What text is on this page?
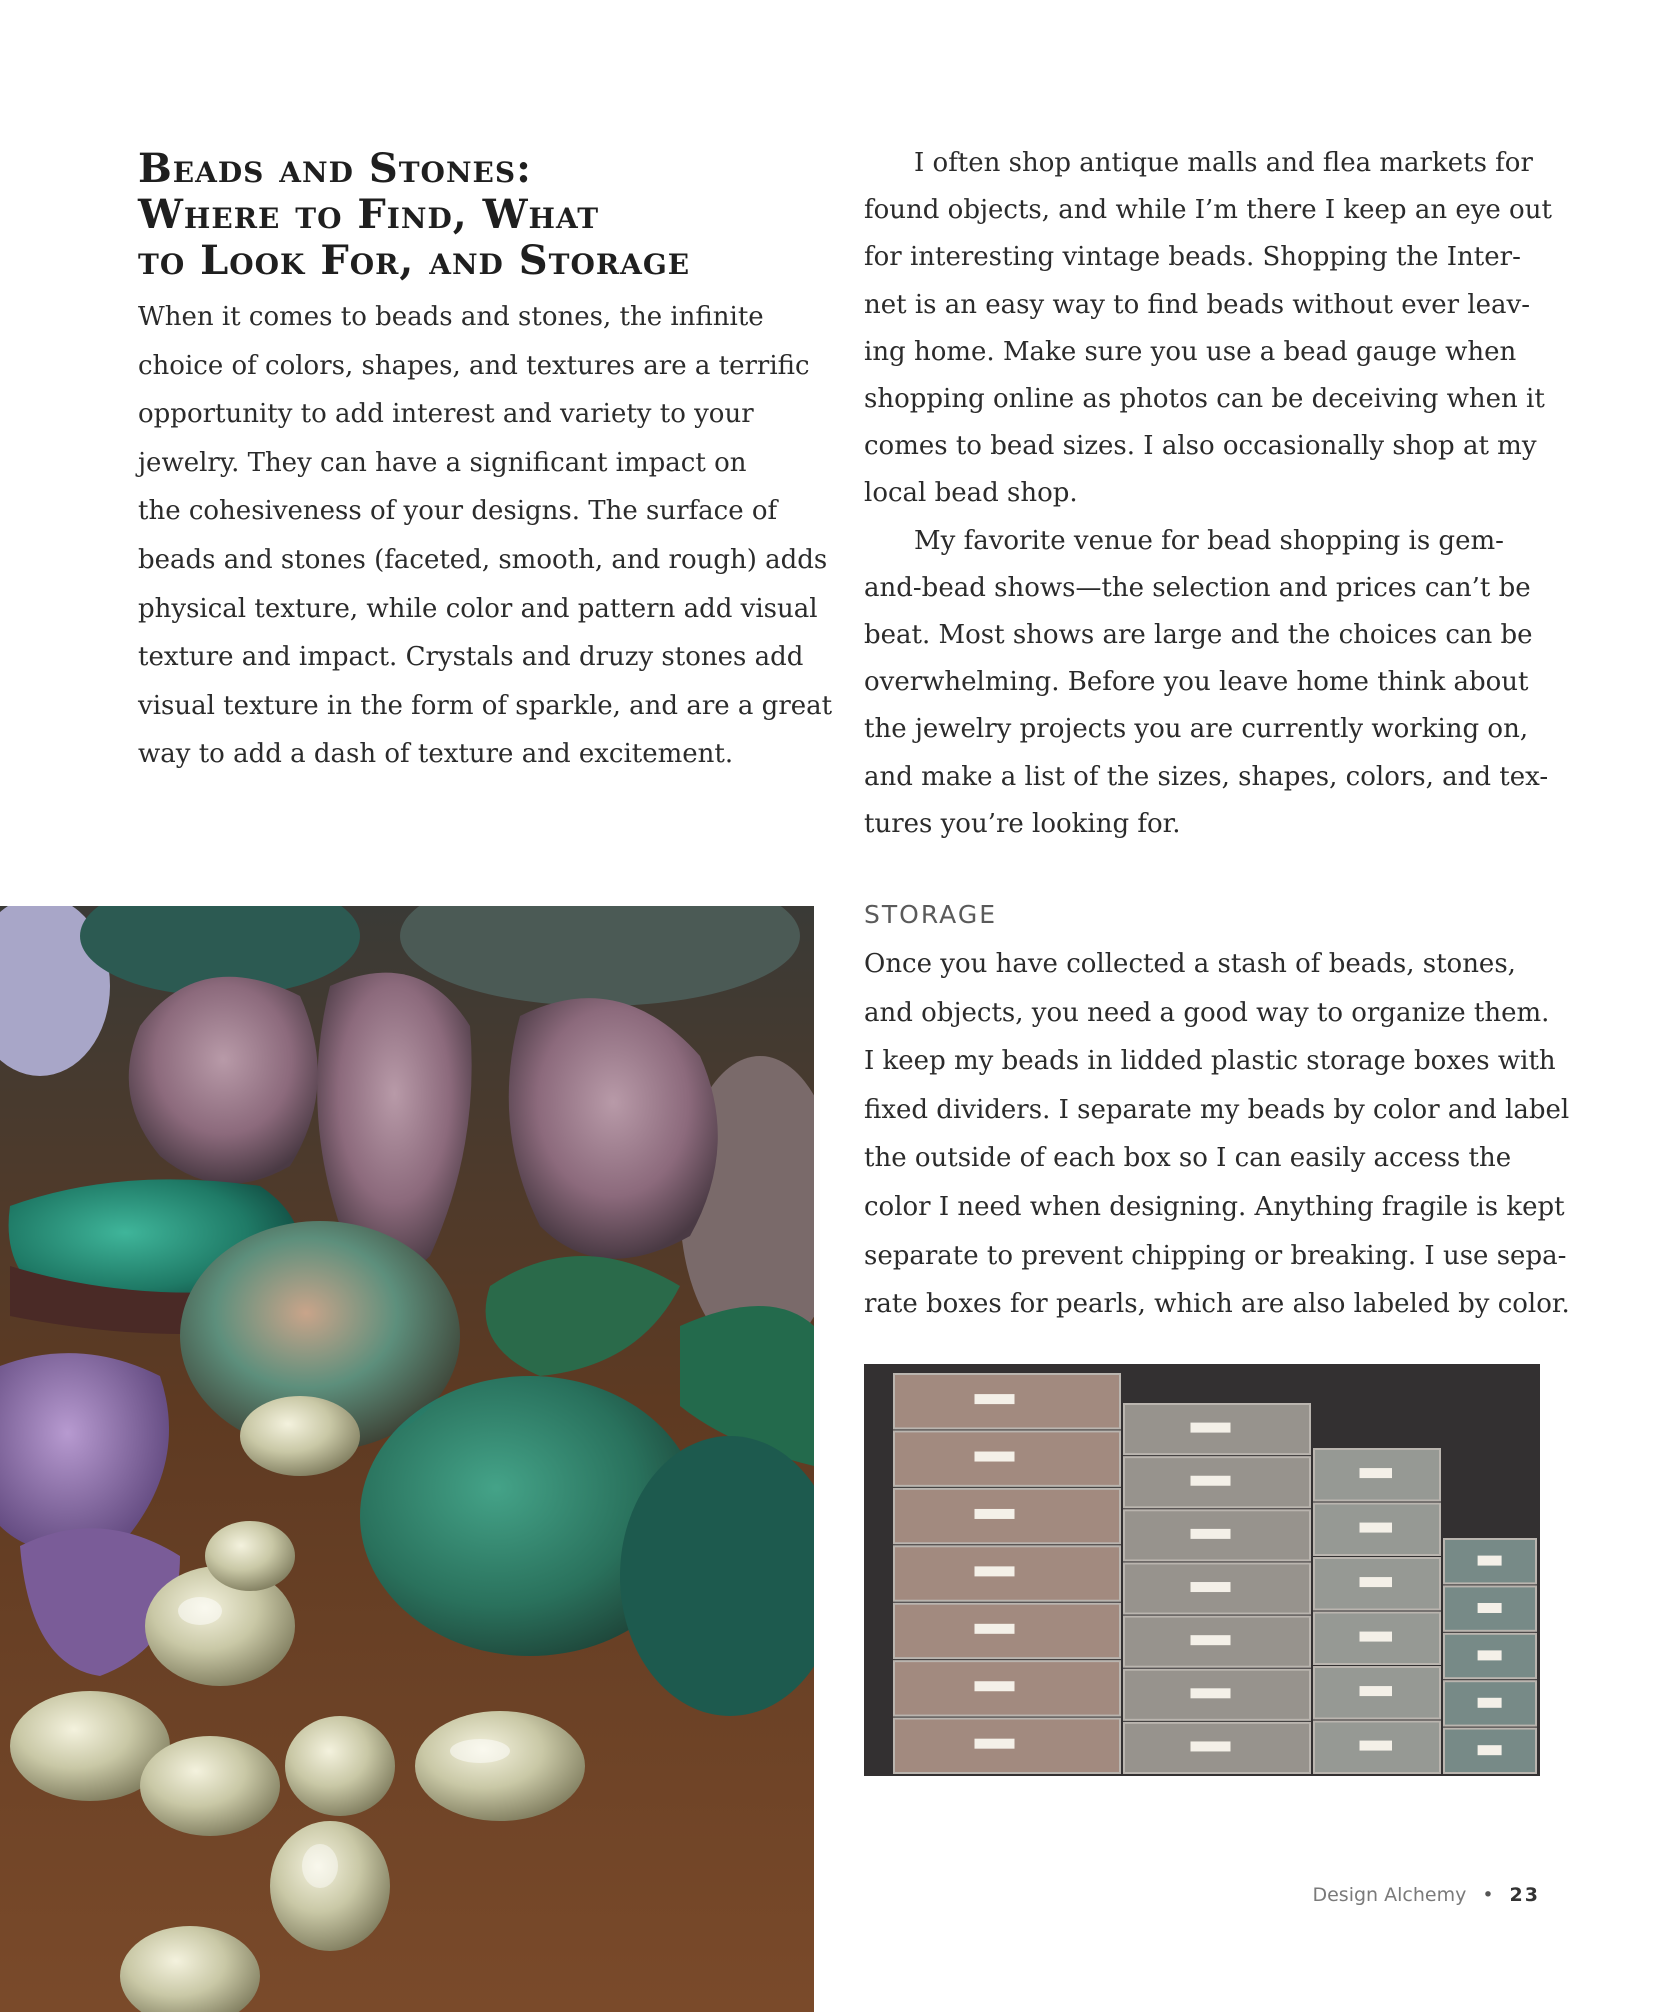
Beads and Stones:
Where to Find, What
to Look For, and Storage
When it comes to beads and stones, the infinite
choice of colors, shapes, and textures are a terrific
opportunity to add interest and variety to your
jewelry. They can have a significant impact on
the cohesiveness of your designs. The surface of
beads and stones (faceted, smooth, and rough) adds
physical texture, while color and pattern add visual
texture and impact. Crystals and druzy stones add
visual texture in the form of sparkle, and are a great
way to add a dash of texture and excitement.
I often shop antique malls and flea markets for
found objects, and while I’m there I keep an eye out
for interesting vintage beads. Shopping the Inter-
net is an easy way to find beads without ever leav-
ing home. Make sure you use a bead gauge when
shopping online as photos can be deceiving when it
comes to bead sizes. I also occasionally shop at my
local bead shop.
My favorite venue for bead shopping is gem-
and-bead shows—the selection and prices can’t be
beat. Most shows are large and the choices can be
overwhelming. Before you leave home think about
the jewelry projects you are currently working on,
and make a list of the sizes, shapes, colors, and tex-
tures you’re looking for.
STORAGE
Once you have collected a stash of beads, stones,
and objects, you need a good way to organize them.
I keep my beads in lidded plastic storage boxes with
fixed dividers. I separate my beads by color and label
the outside of each box so I can easily access the
color I need when designing. Anything fragile is kept
separate to prevent chipping or breaking. I use sepa-
rate boxes for pearls, which are also labeled by color.
Design Alchemy • 23
